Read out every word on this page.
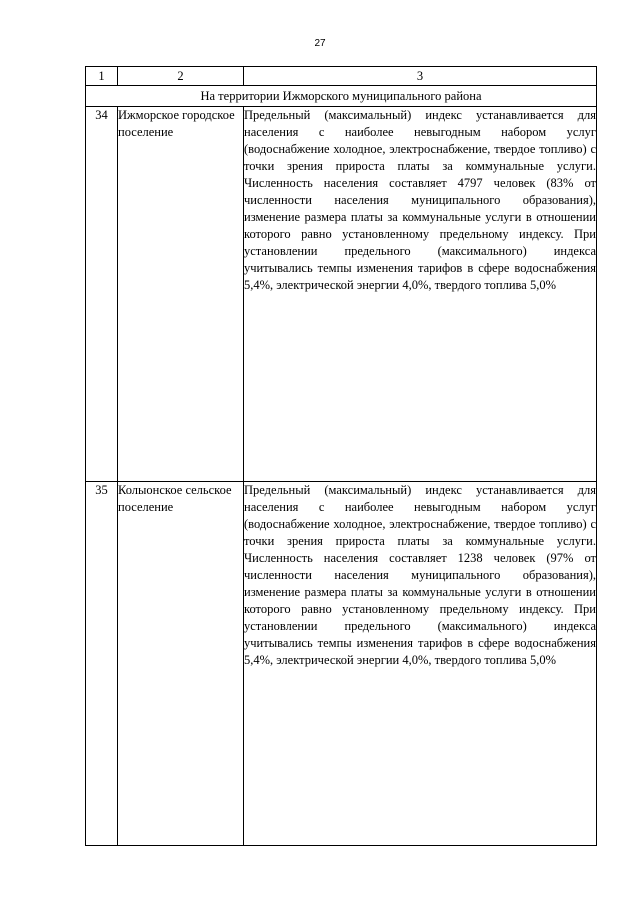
27
1	2	3
На территории Ижморского муниципального района		
34	Ижморское городское поселение	Предельный (максимальный) индекс устанавливается для населения с наиболее невыгодным набором услуг (водоснабжение холодное, электроснабжение, твердое топливо) с точки зрения прироста платы за коммунальные услуги. Численность населения составляет 4797 человек (83% от численности населения муниципального образования), изменение размера платы за коммунальные услуги в отношении которого равно установленному предельному индексу. При установлении предельного (максимального) индекса учитывались темпы изменения тарифов в сфере водоснабжения 5,4%, электрической энергии 4,0%, твердого топлива 5,0%
35	Колыонское сельское поселение	Предельный (максимальный) индекс устанавливается для населения с наиболее невыгодным набором услуг (водоснабжение холодное, электроснабжение, твердое топливо) с точки зрения прироста платы за коммунальные услуги. Численность населения составляет 1238 человек (97% от численности населения муниципального образования), изменение размера платы за коммунальные услуги в отношении которого равно установленному предельному индексу. При установлении предельного (максимального) индекса учитывались темпы изменения тарифов в сфере водоснабжения 5,4%, электрической энергии 4,0%, твердого топлива 5,0%
